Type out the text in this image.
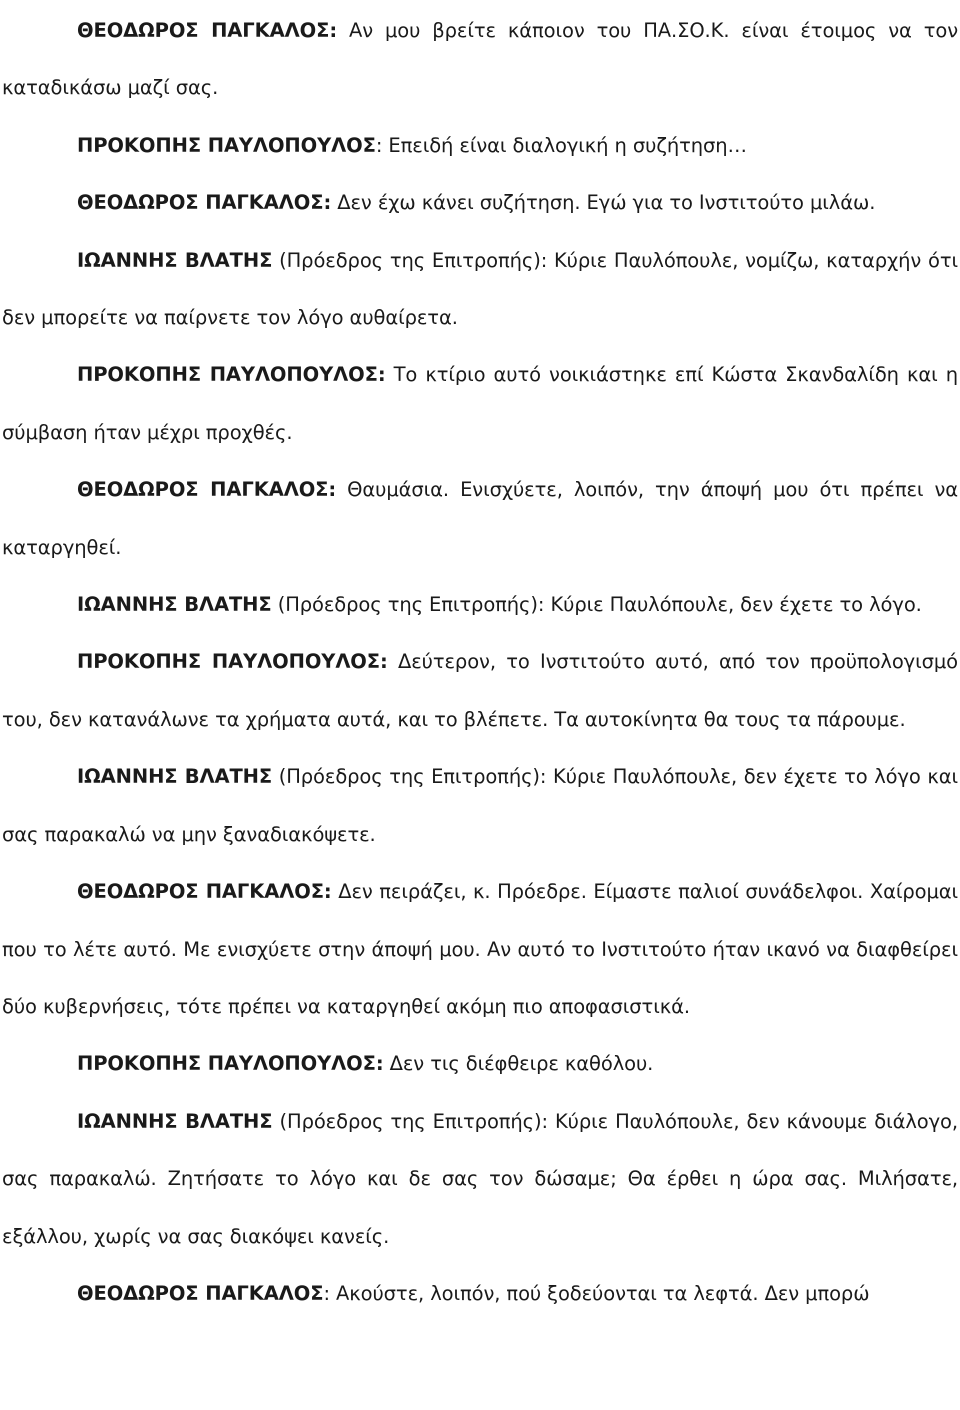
ΘΕΟΔΩΡΟΣ ΠΑΓΚΑΛΟΣ: Αν μου βρείτε κάποιον του ΠΑ.ΣΟ.Κ. είναι έτοιμος να τον καταδικάσω μαζί σας.

ΠΡΟΚΟΠΗΣ ΠΑΥΛΟΠΟΥΛΟΣ: Επειδή είναι διαλογική η συζήτηση…

ΘΕΟΔΩΡΟΣ ΠΑΓΚΑΛΟΣ: Δεν έχω κάνει συζήτηση. Εγώ για το Ινστιτούτο μιλάω.

ΙΩΑΝΝΗΣ ΒΛΑΤΗΣ (Πρόεδρος της Επιτροπής): Κύριε Παυλόπουλε, νομίζω, καταρχήν ότι δεν μπορείτε να παίρνετε τον λόγο αυθαίρετα.

ΠΡΟΚΟΠΗΣ ΠΑΥΛΟΠΟΥΛΟΣ: Το κτίριο αυτό νοικιάστηκε επί Κώστα Σκανδαλίδη και η σύμβαση ήταν μέχρι προχθές.

ΘΕΟΔΩΡΟΣ ΠΑΓΚΑΛΟΣ: Θαυμάσια. Ενισχύετε, λοιπόν, την άποψή μου ότι πρέπει να καταργηθεί.

ΙΩΑΝΝΗΣ ΒΛΑΤΗΣ (Πρόεδρος της Επιτροπής): Κύριε Παυλόπουλε, δεν έχετε το λόγο.

ΠΡΟΚΟΠΗΣ ΠΑΥΛΟΠΟΥΛΟΣ: Δεύτερον, το Ινστιτούτο αυτό, από τον προϋπολογισμό του, δεν κατανάλωνε τα χρήματα αυτά, και το βλέπετε. Τα αυτοκίνητα θα τους τα πάρουμε.

ΙΩΑΝΝΗΣ ΒΛΑΤΗΣ (Πρόεδρος της Επιτροπής): Κύριε Παυλόπουλε, δεν έχετε το λόγο και σας παρακαλώ να μην ξαναδιακόψετε.

ΘΕΟΔΩΡΟΣ ΠΑΓΚΑΛΟΣ: Δεν πειράζει, κ. Πρόεδρε. Είμαστε παλιοί συνάδελφοι. Χαίρομαι που το λέτε αυτό. Με ενισχύετε στην άποψή μου. Αν αυτό το Ινστιτούτο ήταν ικανό να διαφθείρει δύο κυβερνήσεις, τότε πρέπει να καταργηθεί ακόμη πιο αποφασιστικά.

ΠΡΟΚΟΠΗΣ ΠΑΥΛΟΠΟΥΛΟΣ: Δεν τις διέφθειρε καθόλου.

ΙΩΑΝΝΗΣ ΒΛΑΤΗΣ (Πρόεδρος της Επιτροπής): Κύριε Παυλόπουλε, δεν κάνουμε διάλογο, σας παρακαλώ. Ζητήσατε το λόγο και δε σας τον δώσαμε; Θα έρθει η ώρα σας. Μιλήσατε, εξάλλου, χωρίς να σας διακόψει κανείς.

ΘΕΟΔΩΡΟΣ ΠΑΓΚΑΛΟΣ: Ακούστε, λοιπόν, πού ξοδεύονται τα λεφτά. Δεν μπορώ
